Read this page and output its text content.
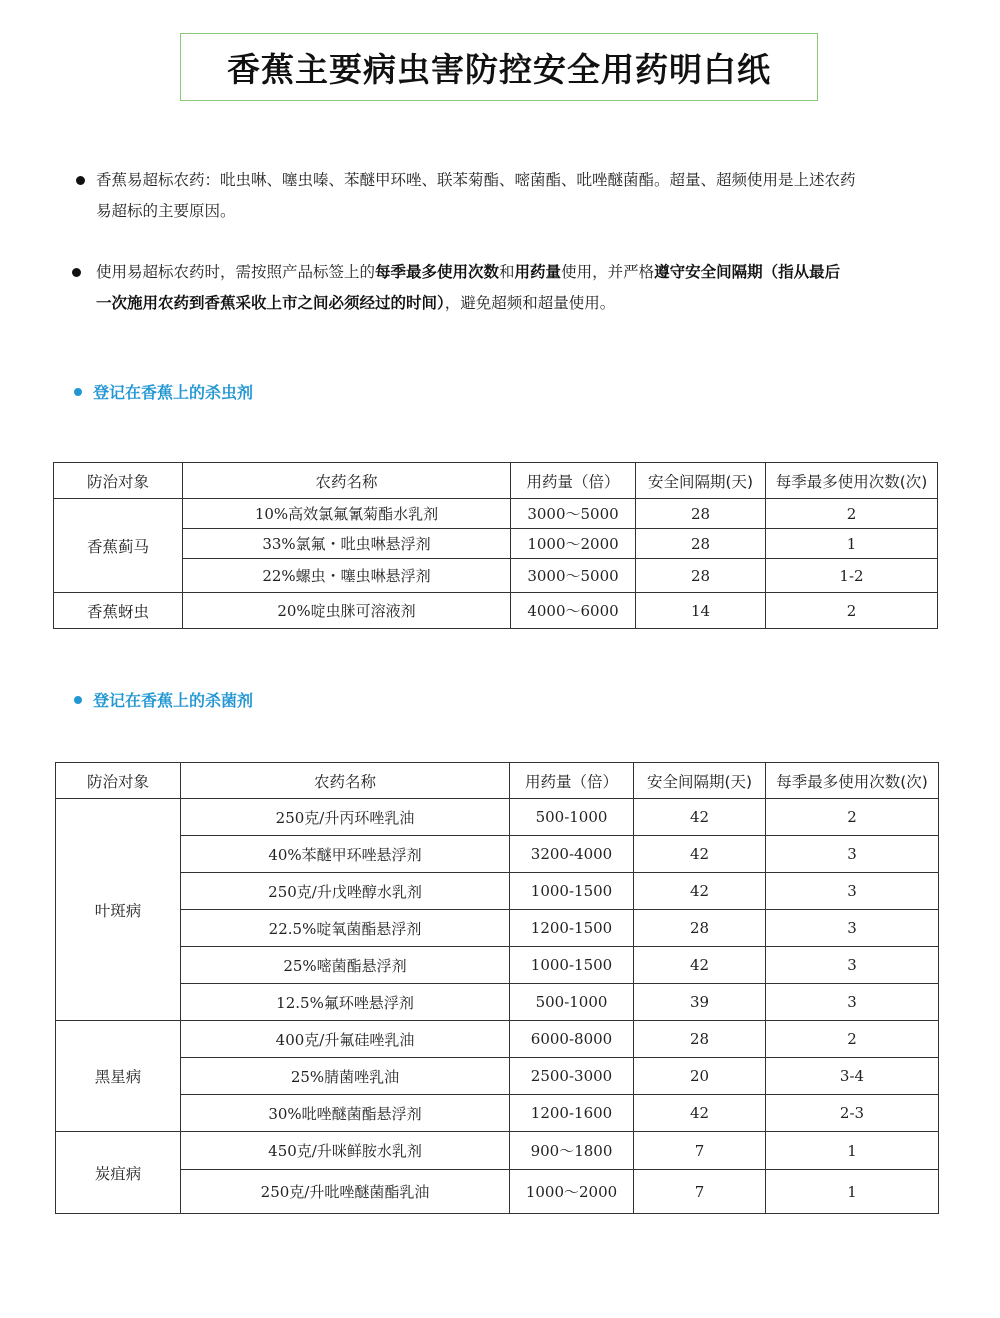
香蕉主要病虫害防控安全用药明白纸
香蕉易超标农药：吡虫啉、噻虫嗪、苯醚甲环唑、联苯菊酯、嘧菌酯、吡唑醚菌酯。超量、超频使用是上述农药
易超标的主要原因。
使用易超标农药时，需按照产品标签上的每季最多使用次数和用药量使用，并严格遵守安全间隔期（指从最后
一次施用农药到香蕉采收上市之间必须经过的时间），避免超频和超量使用。
登记在香蕉上的杀虫剂
防治对象	农药名称	用药量（倍）	安全间隔期(天)	每季最多使用次数(次)
香蕉蓟马	10%高效氯氟氰菊酯水乳剂	3000～5000	28	2
	33%氯氟・吡虫啉悬浮剂	1000～2000	28	1
	22%螺虫・噻虫啉悬浮剂	3000～5000	28	1-2
香蕉蚜虫	20%啶虫脒可溶液剂	4000～6000	14	2
登记在香蕉上的杀菌剂
防治对象	农药名称	用药量（倍）	安全间隔期(天)	每季最多使用次数(次)
叶斑病	250克/升丙环唑乳油	500-1000	42	2
	40%苯醚甲环唑悬浮剂	3200-4000	42	3
	250克/升戊唑醇水乳剂	1000-1500	42	3
	22.5%啶氧菌酯悬浮剂	1200-1500	28	3
	25%嘧菌酯悬浮剂	1000-1500	42	3
	12.5%氟环唑悬浮剂	500-1000	39	3
黑星病	400克/升氟硅唑乳油	6000-8000	28	2
	25%腈菌唑乳油	2500-3000	20	3-4
	30%吡唑醚菌酯悬浮剂	1200-1600	42	2-3
炭疽病	450克/升咪鲜胺水乳剂	900～1800	7	1
	250克/升吡唑醚菌酯乳油	1000～2000	7	1
